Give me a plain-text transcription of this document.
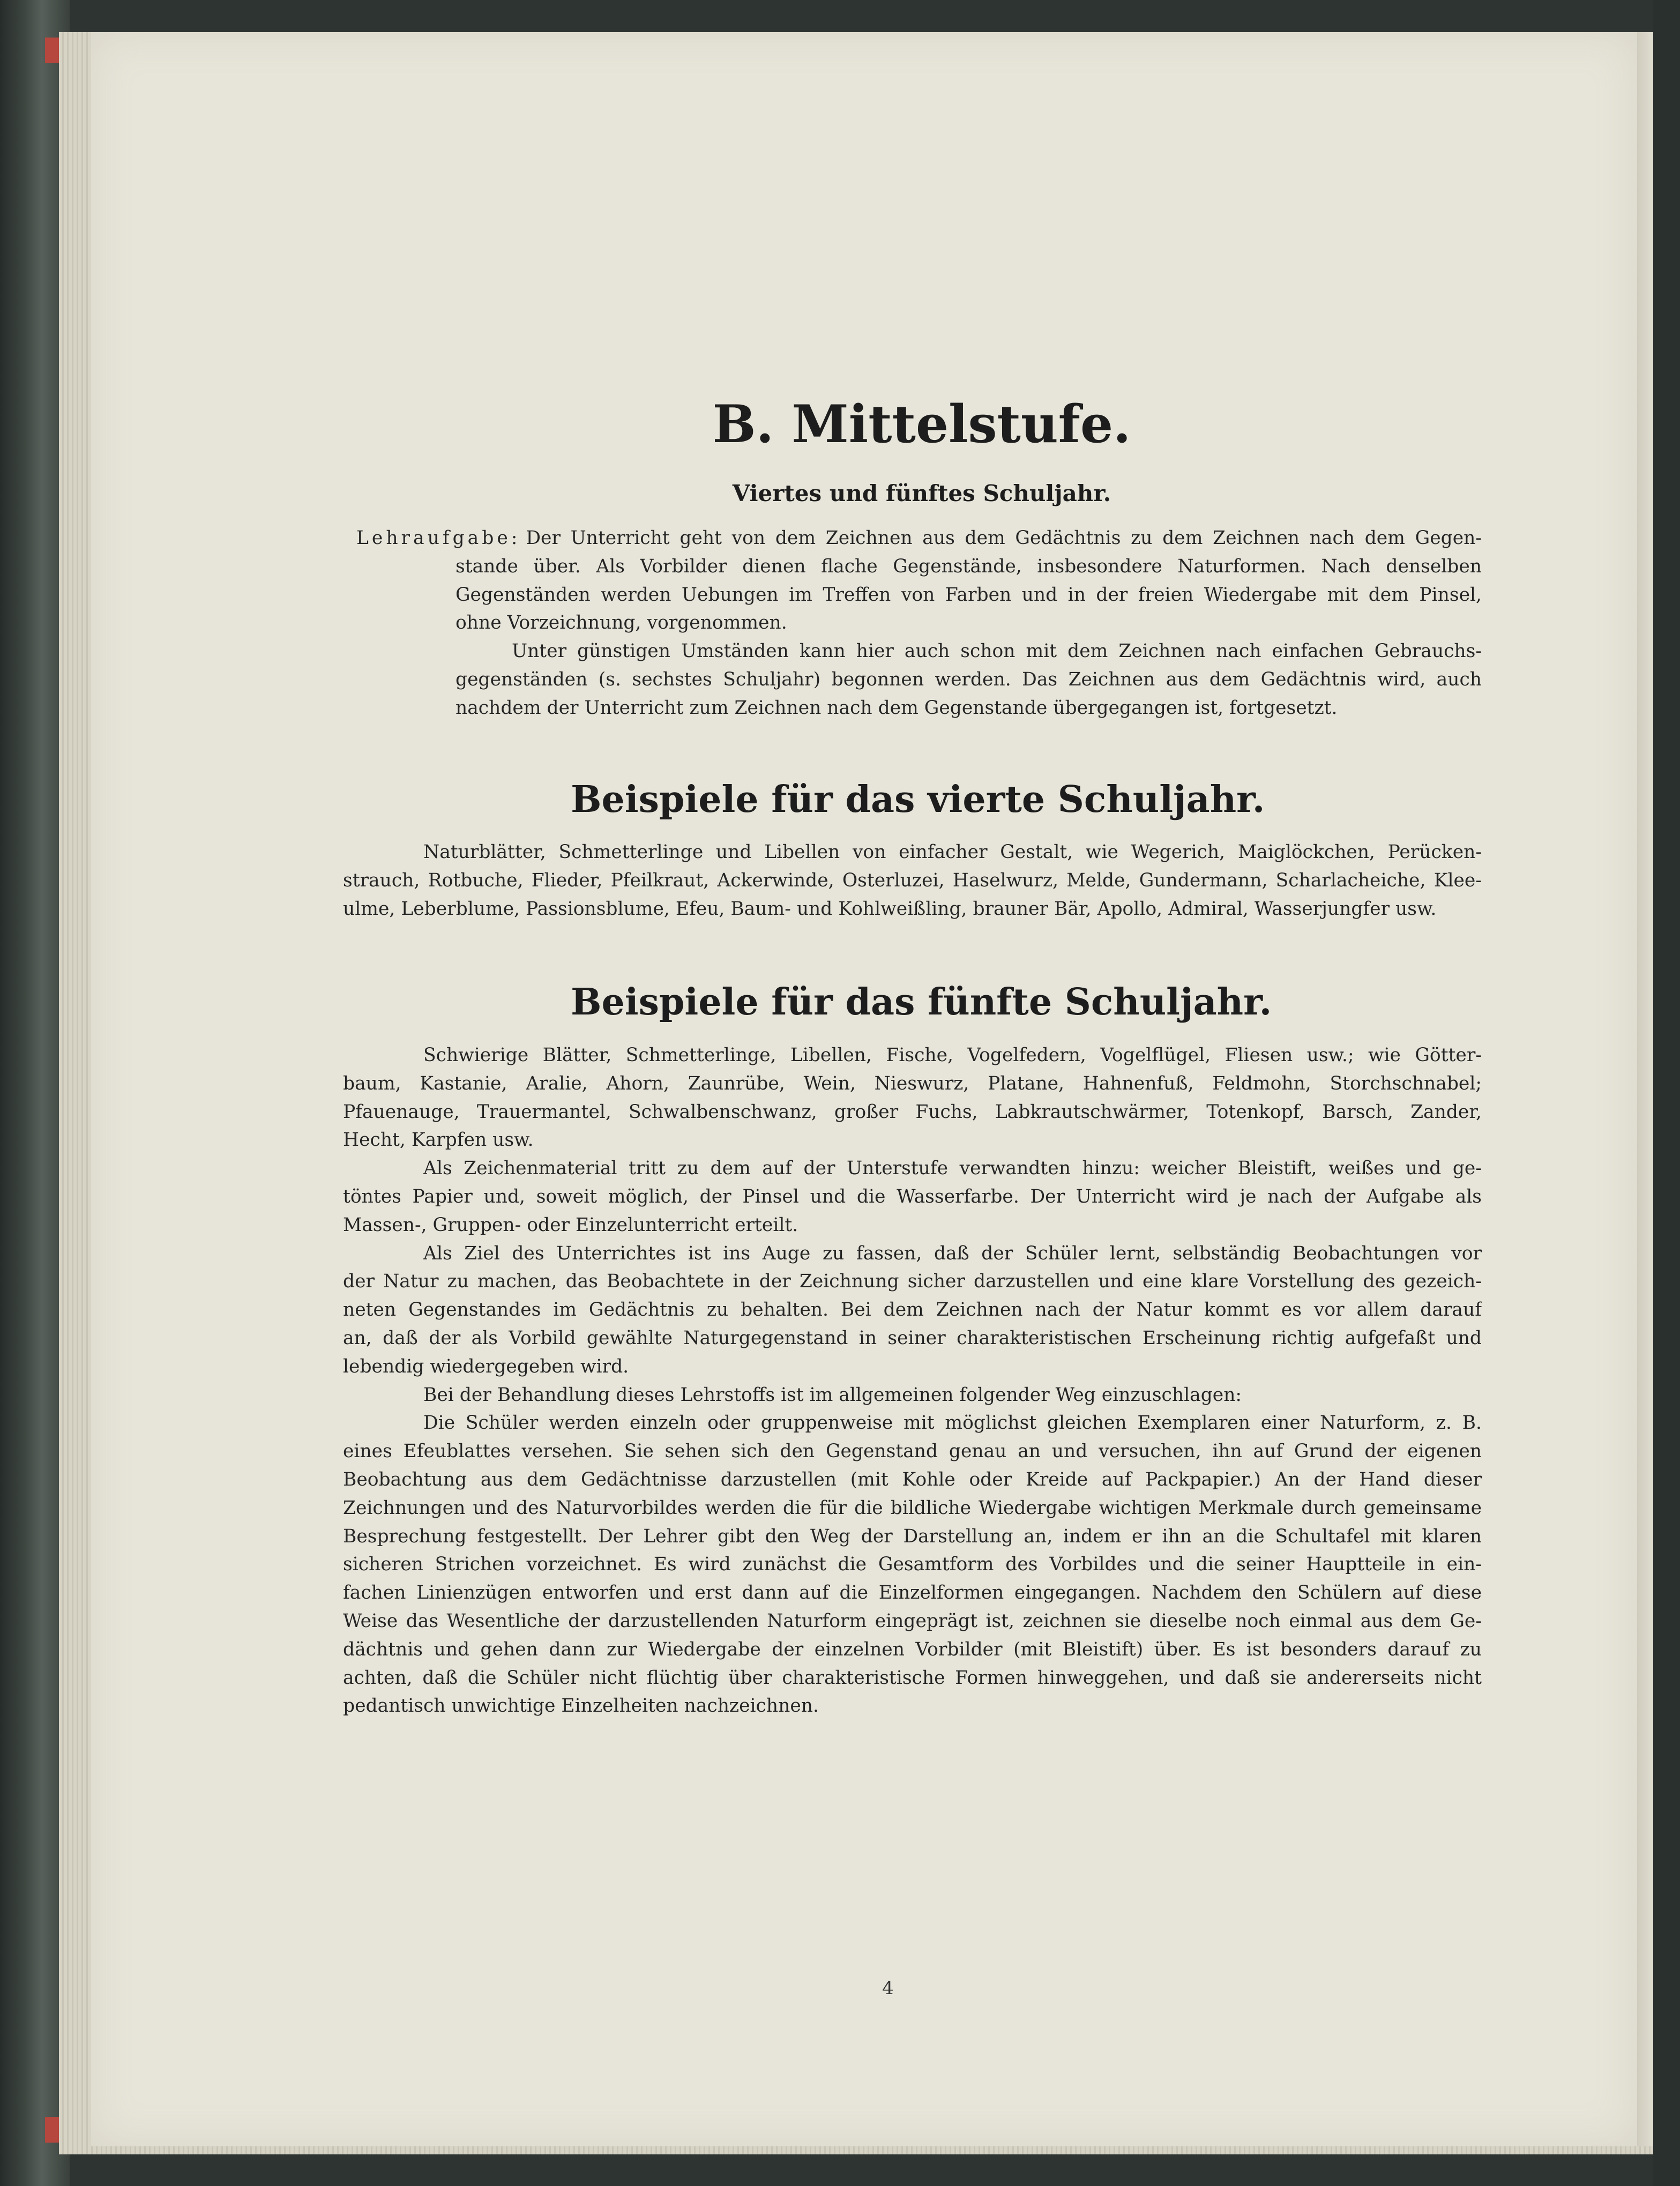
B. Mittelstufe.
Viertes und fünftes Schuljahr.
Lehraufgabe: Der Unterricht geht von dem Zeichnen aus dem Gedächtnis zu dem Zeichnen nach dem Gegen-
stande über. Als Vorbilder dienen flache Gegenstände, insbesondere Naturformen. Nach denselben
Gegenständen werden Uebungen im Treffen von Farben und in der freien Wiedergabe mit dem Pinsel,
ohne Vorzeichnung, vorgenommen.
Unter günstigen Umständen kann hier auch schon mit dem Zeichnen nach einfachen Gebrauchs-
gegenständen (s. sechstes Schuljahr) begonnen werden. Das Zeichnen aus dem Gedächtnis wird, auch
nachdem der Unterricht zum Zeichnen nach dem Gegenstande übergegangen ist, fortgesetzt.
Beispiele für das vierte Schuljahr.
Naturblätter, Schmetterlinge und Libellen von einfacher Gestalt, wie Wegerich, Maiglöckchen, Perücken-
strauch, Rotbuche, Flieder, Pfeilkraut, Ackerwinde, Osterluzei, Haselwurz, Melde, Gundermann, Scharlacheiche, Klee-
ulme, Leberblume, Passionsblume, Efeu, Baum- und Kohlweißling, brauner Bär, Apollo, Admiral, Wasserjungfer usw.
Beispiele für das fünfte Schuljahr.
Schwierige Blätter, Schmetterlinge, Libellen, Fische, Vogelfedern, Vogelflügel, Fliesen usw.; wie Götter-
baum, Kastanie, Aralie, Ahorn, Zaunrübe, Wein, Nieswurz, Platane, Hahnenfuß, Feldmohn, Storchschnabel;
Pfauenauge, Trauermantel, Schwalbenschwanz, großer Fuchs, Labkrautschwärmer, Totenkopf, Barsch, Zander,
Hecht, Karpfen usw.
Als Zeichenmaterial tritt zu dem auf der Unterstufe verwandten hinzu: weicher Bleistift, weißes und ge-
töntes Papier und, soweit möglich, der Pinsel und die Wasserfarbe. Der Unterricht wird je nach der Aufgabe als
Massen-, Gruppen- oder Einzelunterricht erteilt.
Als Ziel des Unterrichtes ist ins Auge zu fassen, daß der Schüler lernt, selbständig Beobachtungen vor
der Natur zu machen, das Beobachtete in der Zeichnung sicher darzustellen und eine klare Vorstellung des gezeich-
neten Gegenstandes im Gedächtnis zu behalten. Bei dem Zeichnen nach der Natur kommt es vor allem darauf
an, daß der als Vorbild gewählte Naturgegenstand in seiner charakteristischen Erscheinung richtig aufgefaßt und
lebendig wiedergegeben wird.
Bei der Behandlung dieses Lehrstoffs ist im allgemeinen folgender Weg einzuschlagen:
Die Schüler werden einzeln oder gruppenweise mit möglichst gleichen Exemplaren einer Naturform, z. B.
eines Efeublattes versehen. Sie sehen sich den Gegenstand genau an und versuchen, ihn auf Grund der eigenen
Beobachtung aus dem Gedächtnisse darzustellen (mit Kohle oder Kreide auf Packpapier.) An der Hand dieser
Zeichnungen und des Naturvorbildes werden die für die bildliche Wiedergabe wichtigen Merkmale durch gemeinsame
Besprechung festgestellt. Der Lehrer gibt den Weg der Darstellung an, indem er ihn an die Schultafel mit klaren
sicheren Strichen vorzeichnet. Es wird zunächst die Gesamtform des Vorbildes und die seiner Hauptteile in ein-
fachen Linienzügen entworfen und erst dann auf die Einzelformen eingegangen. Nachdem den Schülern auf diese
Weise das Wesentliche der darzustellenden Naturform eingeprägt ist, zeichnen sie dieselbe noch einmal aus dem Ge-
dächtnis und gehen dann zur Wiedergabe der einzelnen Vorbilder (mit Bleistift) über. Es ist besonders darauf zu
achten, daß die Schüler nicht flüchtig über charakteristische Formen hinweggehen, und daß sie andererseits nicht
pedantisch unwichtige Einzelheiten nachzeichnen.
4
